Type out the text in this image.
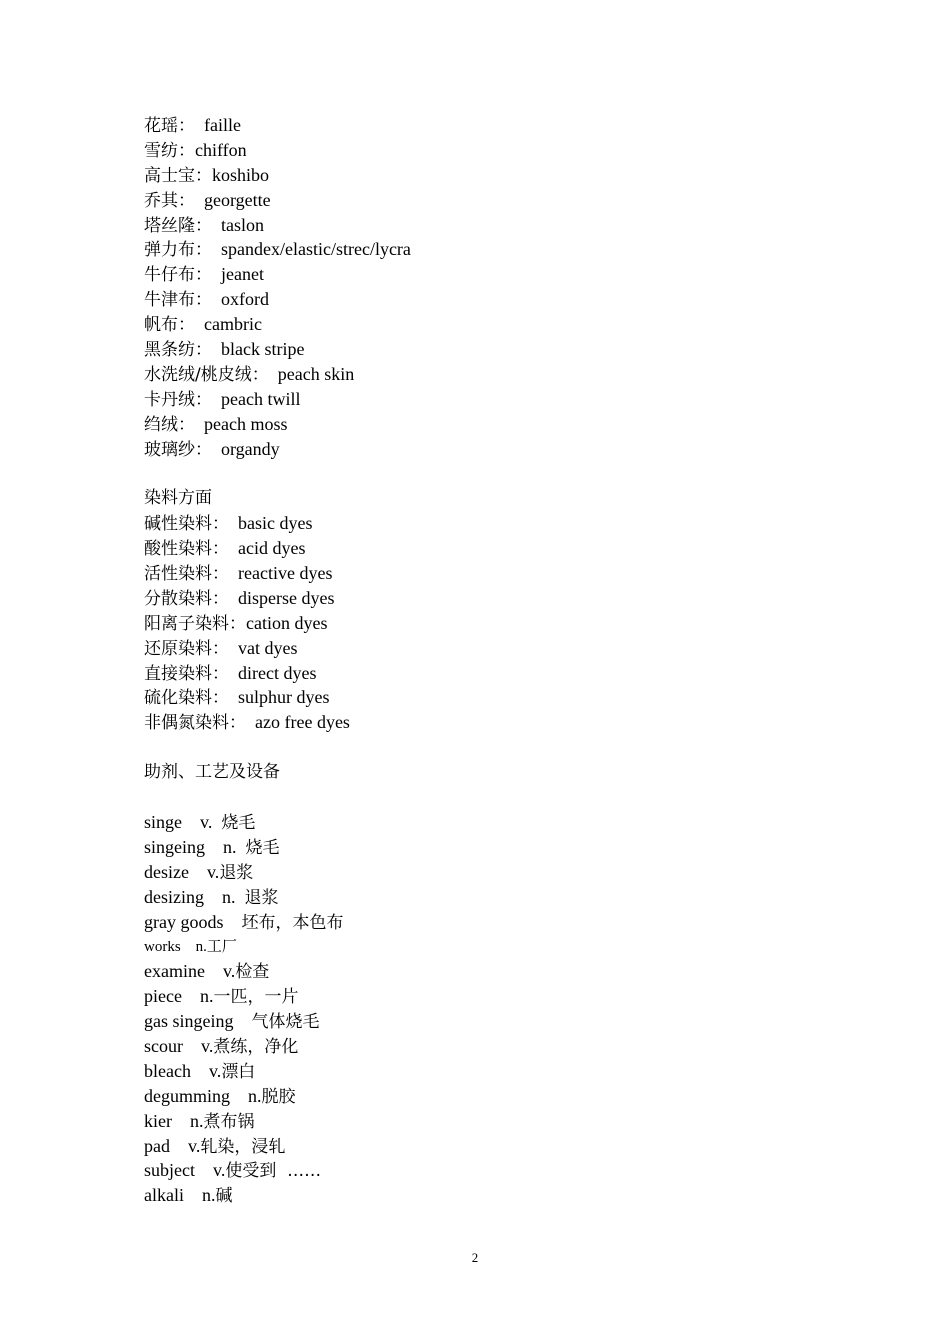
花瑶：  faille
雪纺：chiffon
高士宝：koshibo
乔其：  georgette
塔丝隆：  taslon
弹力布：  spandex/elastic/strec/lycra
牛仔布：  jeanet
牛津布：  oxford
帆布：  cambric
黑条纺：  black stripe
水洗绒/桃皮绒：  peach skin
卡丹绒：  peach twill
绉绒：  peach moss
玻璃纱：  organdy
染料方面
碱性染料：  basic dyes
酸性染料：  acid dyes
活性染料：  reactive dyes
分散染料：  disperse dyes
阳离子染料：cation dyes
还原染料：  vat dyes
直接染料：  direct dyes
硫化染料：  sulphur dyes
非偶氮染料：  azo free dyes
助剂、工艺及设备
singe    v.  烧毛
singeing    n.  烧毛
desize    v.退浆
desizing    n.  退浆
gray goods    坯布，本色布
works    n.工厂
examine    v.检查
piece    n.一匹，一片
gas singeing    气体烧毛
scour    v.煮练，净化
bleach    v.漂白
degumming    n.脱胶
kier    n.煮布锅
pad    v.轧染，浸轧
subject    v.使受到  ……
alkali    n.碱
2
